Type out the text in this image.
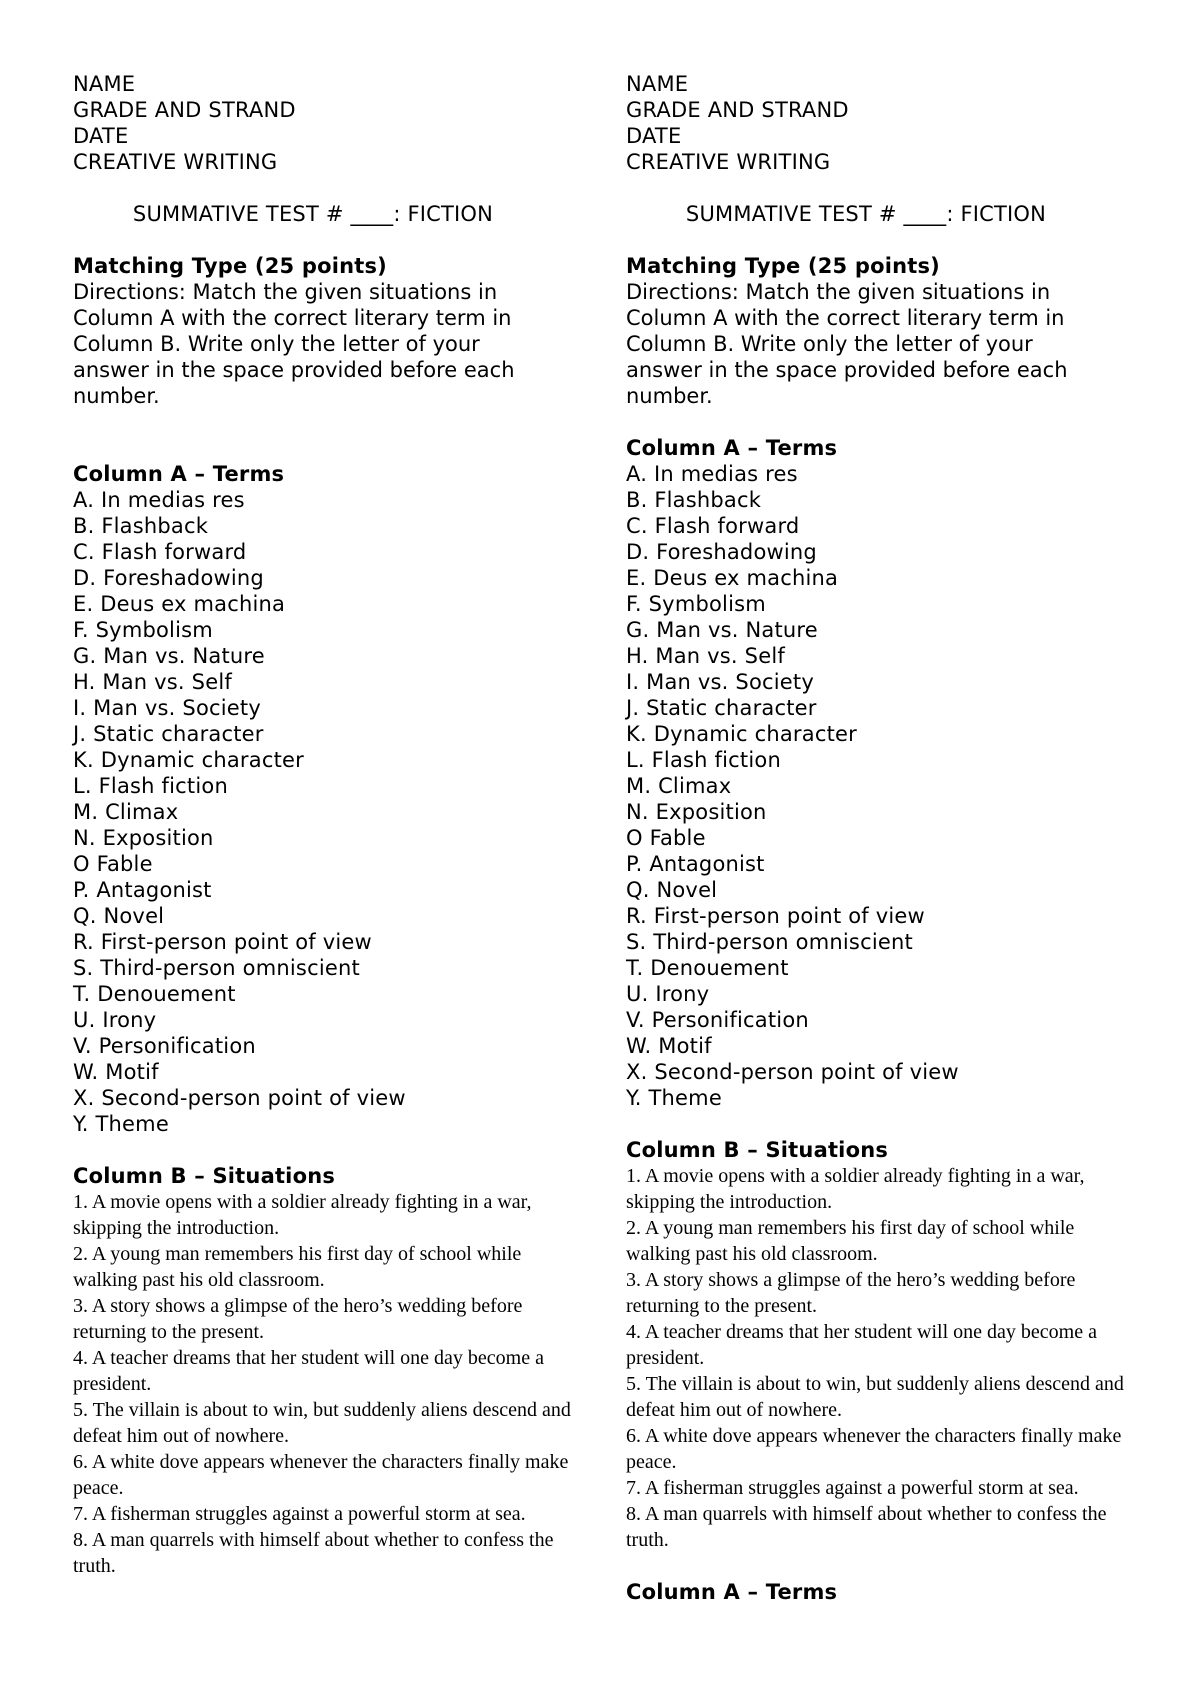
NAME
GRADE AND STRAND
DATE
CREATIVE WRITING
SUMMATIVE TEST # ____: FICTION
Matching Type (25 points)
Directions: Match the given situations in Column A with the correct literary term in Column B. Write only the letter of your answer in the space provided before each number.
Column A – Terms
A. In medias res
B. Flashback
C. Flash forward
D. Foreshadowing
E. Deus ex machina
F. Symbolism
G. Man vs. Nature
H. Man vs. Self
I. Man vs. Society
J. Static character
K. Dynamic character
L. Flash fiction
M. Climax
N. Exposition
O Fable
P. Antagonist
Q. Novel
R. First-person point of view
S. Third-person omniscient
T. Denouement
U. Irony
V. Personification
W. Motif
X. Second-person point of view
Y. Theme
Column B – Situations
1. A movie opens with a soldier already fighting in a war, skipping the introduction.
2. A young man remembers his first day of school while walking past his old classroom.
3. A story shows a glimpse of the hero’s wedding before returning to the present.
4. A teacher dreams that her student will one day become a president.
5. The villain is about to win, but suddenly aliens descend and defeat him out of nowhere.
6. A white dove appears whenever the characters finally make peace.
7. A fisherman struggles against a powerful storm at sea.
8. A man quarrels with himself about whether to confess the truth.
NAME
GRADE AND STRAND
DATE
CREATIVE WRITING
SUMMATIVE TEST # ____: FICTION
Matching Type (25 points)
Directions: Match the given situations in Column A with the correct literary term in Column B. Write only the letter of your answer in the space provided before each number.
Column A – Terms
A. In medias res
B. Flashback
C. Flash forward
D. Foreshadowing
E. Deus ex machina
F. Symbolism
G. Man vs. Nature
H. Man vs. Self
I. Man vs. Society
J. Static character
K. Dynamic character
L. Flash fiction
M. Climax
N. Exposition
O Fable
P. Antagonist
Q. Novel
R. First-person point of view
S. Third-person omniscient
T. Denouement
U. Irony
V. Personification
W. Motif
X. Second-person point of view
Y. Theme
Column B – Situations
1. A movie opens with a soldier already fighting in a war, skipping the introduction.
2. A young man remembers his first day of school while walking past his old classroom.
3. A story shows a glimpse of the hero’s wedding before returning to the present.
4. A teacher dreams that her student will one day become a president.
5. The villain is about to win, but suddenly aliens descend and defeat him out of nowhere.
6. A white dove appears whenever the characters finally make peace.
7. A fisherman struggles against a powerful storm at sea.
8. A man quarrels with himself about whether to confess the truth.
Column A – Terms
